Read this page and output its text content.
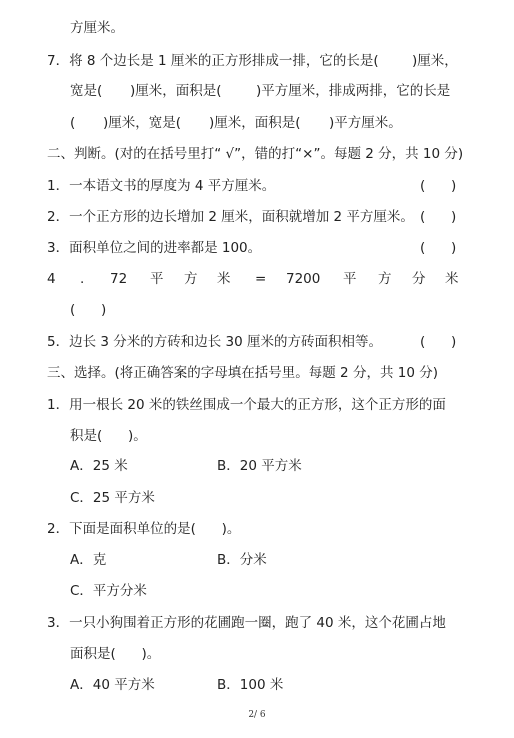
方厘米。

7．将 8 个边长是 1 厘米的正方形排成一排，它的长是(

)厘米，

宽是(

)厘米，面积是(

	)平方厘米，排成两排，它的长是

(

)厘米，宽是(

)厘米，面积是(

)平方厘米。

二、判断。(对的在括号里打“ √”，错的打“×”。每题 2 分，共 10 分)

1．一本语文书的厚度为 4 平方厘米。

	(      )

2．一个正方形的边长增加 2 厘米，面积就增加 2 平方厘米。

(      )

3．面积单位之间的进率都是 100。

	(      )

4

.

72

平

方

米

=

7200

平

方

分

米

(      )

5．边长 3 分米的方砖和边长 30 厘米的方砖面积相等。

	(      )

三、选择。(将正确答案的字母填在括号里。每题 2 分，共 10 分)

1．用一根长 20 米的铁丝围成一个最大的正方形，这个正方形的面

积是(      )。

A．25 米

	B．20 平方米

C．25 平方米

2．下面是面积单位的是(      )。

A．克

	B．分米

C．平方分米

3．一只小狗围着正方形的花圃跑一圈，跑了 40 米，这个花圃占地

面积是(      )。

A．40 平方米

	B．100 米

2/ 6
